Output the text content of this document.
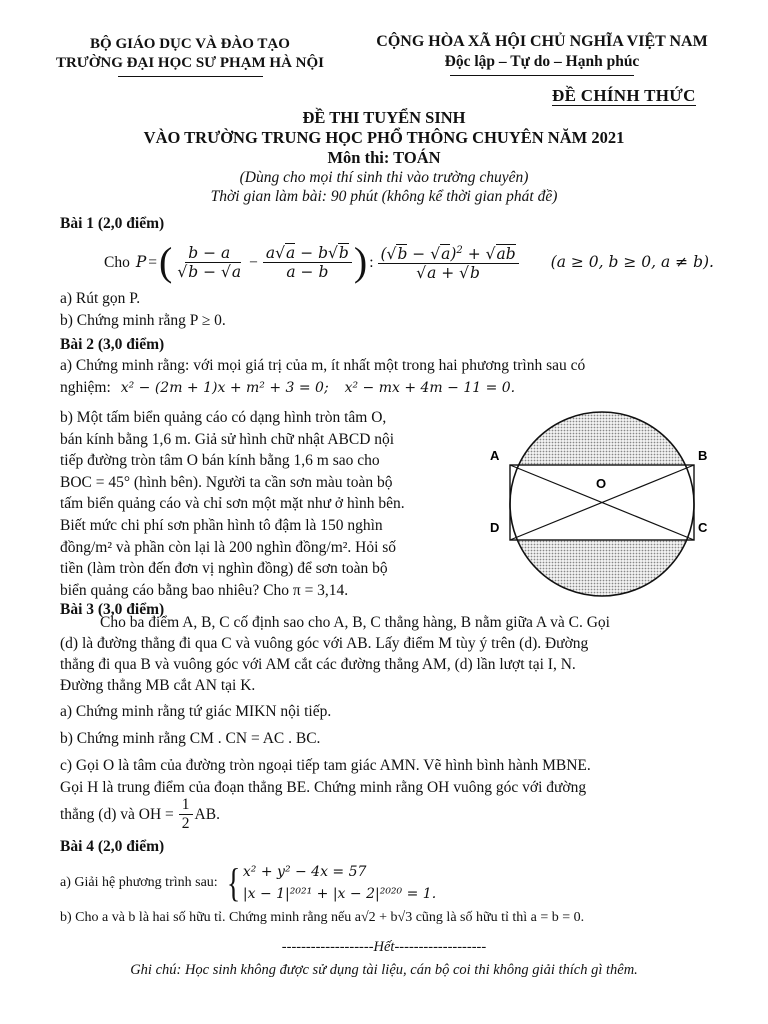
BỘ GIÁO DỤC VÀ ĐÀO TẠO
TRƯỜNG ĐẠI HỌC SƯ PHẠM HÀ NỘI
CỘNG HÒA XÃ HỘI CHỦ NGHĨA VIỆT NAM
Độc lập – Tự do – Hạnh phúc
ĐỀ CHÍNH THỨC
ĐỀ THI TUYỂN SINH
VÀO TRƯỜNG TRUNG HỌC PHỔ THÔNG CHUYÊN NĂM 2021
Môn thi: TOÁN
(Dùng cho mọi thí sinh thi vào trường chuyên)
Thời gian làm bài: 90 phút (không kể thời gian phát đề)
Bài 1 (2,0 điểm)
Cho P = ( $\frac{b - a}{√b - √a} - \frac{a√a - b√b}{a - b}$ ) : $\frac{(√b - √a)^2 + √ab}{√a + √b} (a \ge 0$, b ≥ 0, a ≠ b).
a) Rút gọn P.
b) Chứng minh rằng P ≥ 0.
Bài 2 (3,0 điểm)
a) Chứng minh rằng: với mọi giá trị của m, ít nhất một trong hai phương trình sau có
nghiệm: x² − (2m + 1)x + m² + 3 = 0; x² − mx + 4m − 11 = 0.
b) Một tấm biển quảng cáo có dạng hình tròn tâm O,
bán kính bằng 1,6 m. Giả sử hình chữ nhật ABCD nội
tiếp đường tròn tâm O bán kính bằng 1,6 m sao cho
BOC = 45° (hình bên). Người ta cần sơn màu toàn bộ
tấm biển quảng cáo và chỉ sơn một mặt như ở hình bên.
Biết mức chi phí sơn phần hình tô đậm là 150 nghìn
đồng/m² và phần còn lại là 200 nghìn đồng/m². Hỏi số
tiền (làm tròn đến đơn vị nghìn đồng) để sơn toàn bộ
biển quảng cáo bằng bao nhiêu? Cho π = 3,14.
A	B
C
D
O
Bài 3 (3,0 điểm)
Cho ba điểm A, B, C cố định sao cho A, B, C thẳng hàng, B nằm giữa A và C. Gọi
(d) là đường thẳng đi qua C và vuông góc với AB. Lấy điểm M tùy ý trên (d). Đường
thẳng đi qua B và vuông góc với AM cắt các đường thẳng AM, (d) lần lượt tại I, N.
Đường thẳng MB cắt AN tại K.
a) Chứng minh rằng tứ giác MIKN nội tiếp.
b) Chứng minh rằng CM . CN = AC . BC.
c) Gọi O là tâm của đường tròn ngoại tiếp tam giác AMN. Vẽ hình bình hành MBNE.
Gọi H là trung điểm của đoạn thẳng BE. Chứng minh rằng OH vuông góc với đường
thẳng (d) và OH = $\frac{1}{2}$ AB.
Bài 4 (2,0 điểm)
a) Giải hệ phương trình sau: { x² + y² − 4x = 57
|x − 1|²⁰²¹ + |x − 2|²⁰²⁰ = 1.
b) Cho a và b là hai số hữu tỉ. Chứng minh rằng nếu a√2 + b√3 cũng là số hữu tỉ thì a = b = 0.
-------------------Hết-------------------
Ghi chú: Học sinh không được sử dụng tài liệu, cán bộ coi thi không giải thích gì thêm.
